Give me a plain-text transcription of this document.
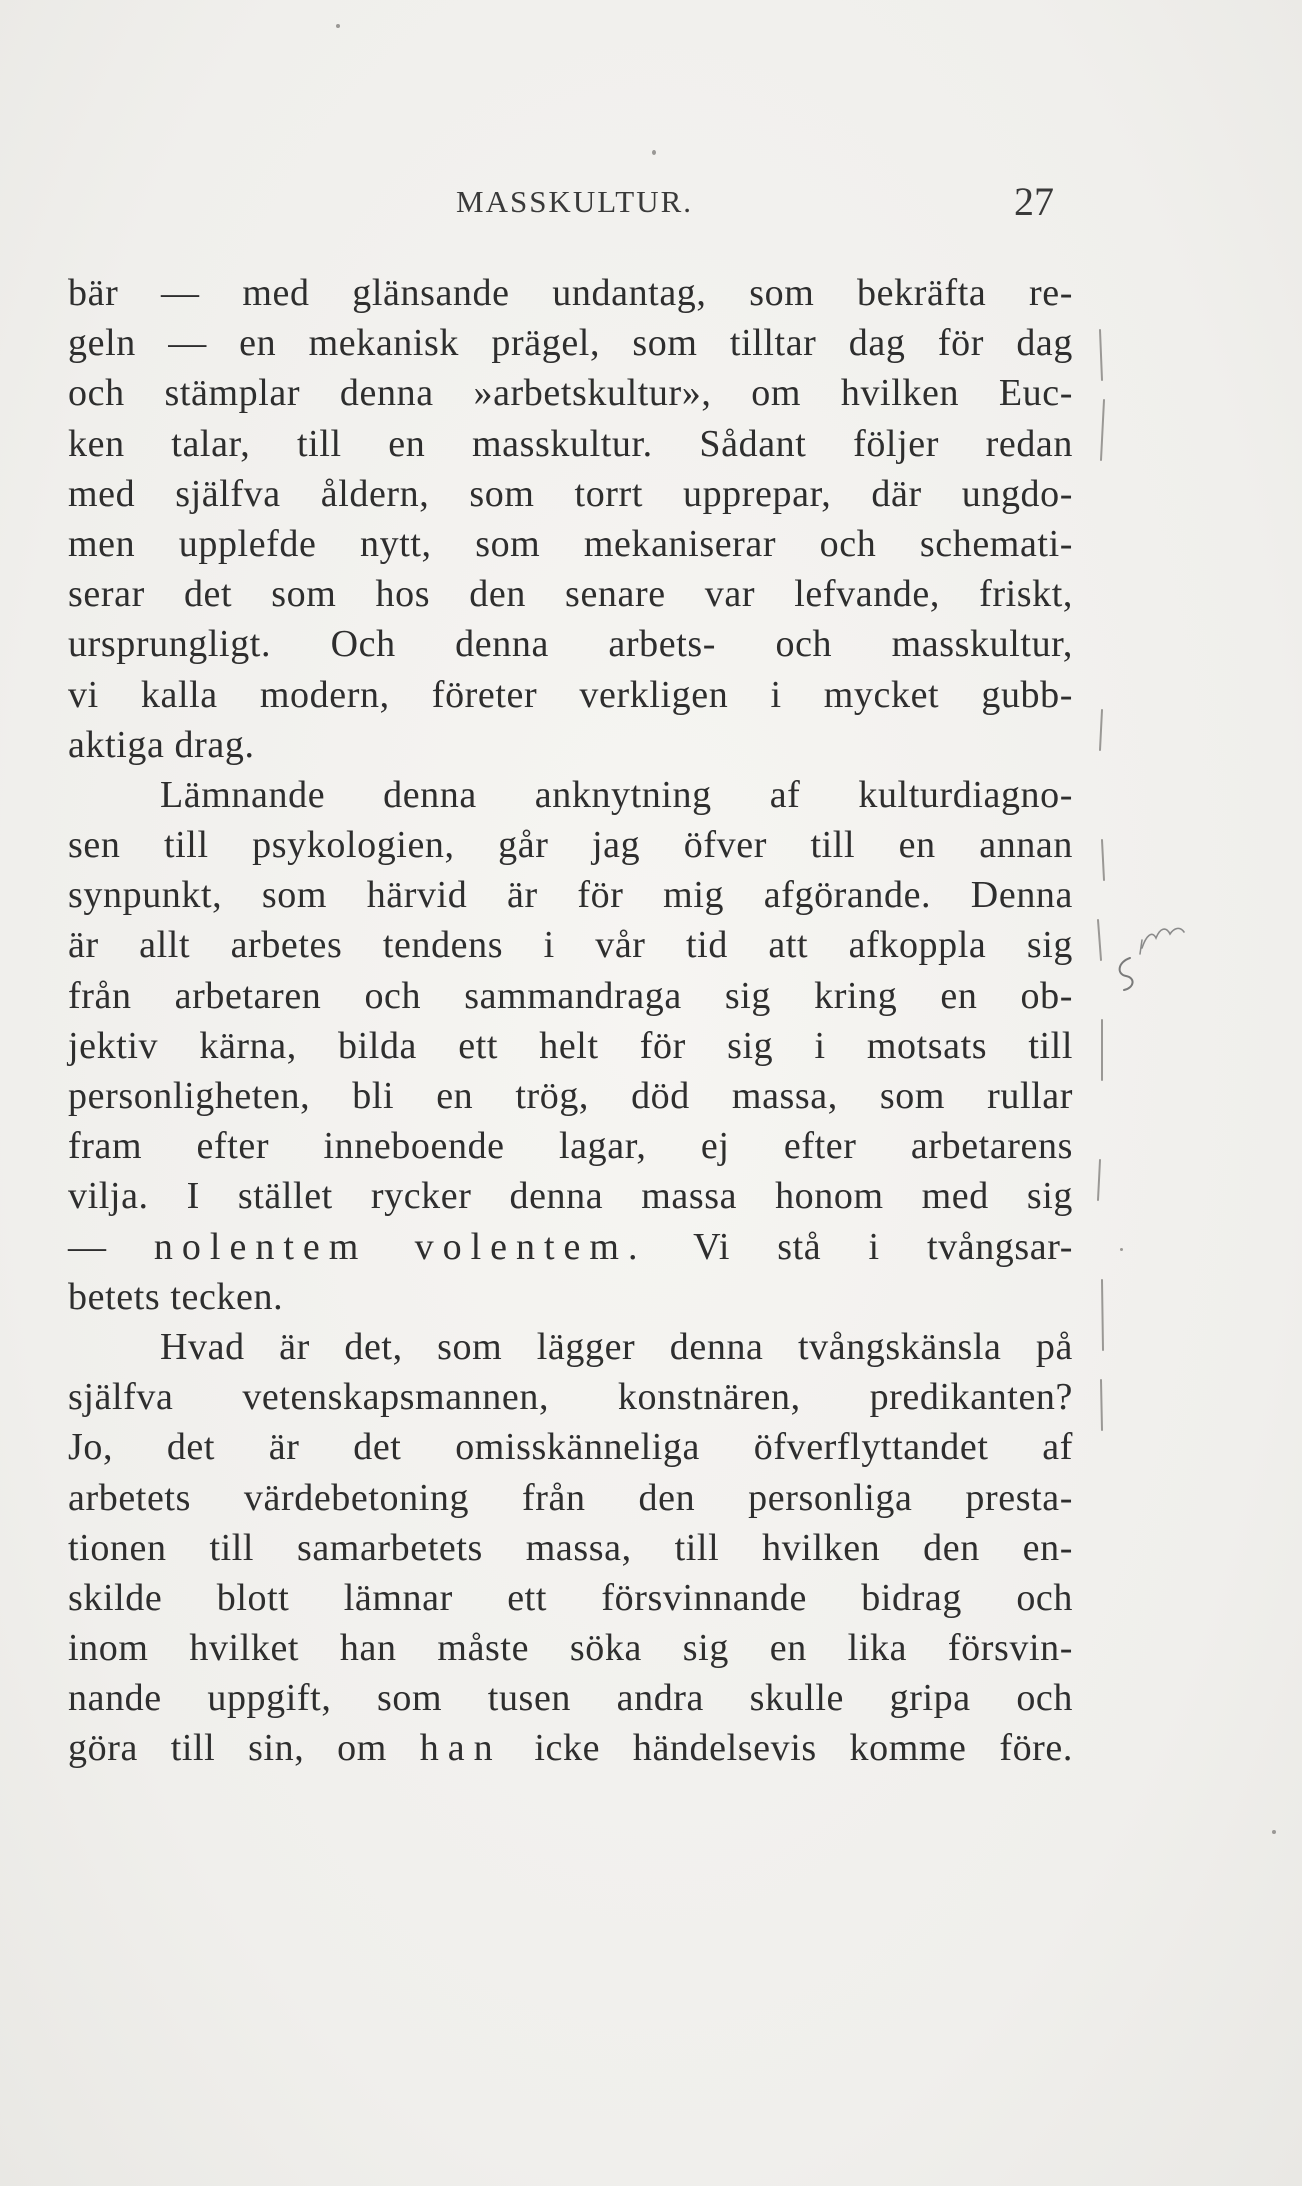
MASSKULTUR.	27
bär — med glänsande undantag, som bekräfta re-
geln — en mekanisk prägel, som tilltar dag för dag
och stämplar denna »arbetskultur», om hvilken Euc-
ken talar, till en masskultur. Sådant följer redan
med själfva åldern, som torrt upprepar, där ungdo-
men upplefde nytt, som mekaniserar och schemati-
serar det som hos den senare var lefvande, friskt,
ursprungligt. Och denna arbets- och masskultur,
vi kalla modern, företer verkligen i mycket gubb-
aktiga drag.
Lämnande denna anknytning af kulturdiagno-
sen till psykologien, går jag öfver till en annan
synpunkt, som härvid är för mig afgörande. Denna
är allt arbetes tendens i vår tid att afkoppla sig
från arbetaren och sammandraga sig kring en ob-
jektiv kärna, bilda ett helt för sig i motsats till
personligheten, bli en trög, död massa, som rullar
fram efter inneboende lagar, ej efter arbetarens
vilja. I stället rycker denna massa honom med sig
— nolentem volentem. Vi stå i tvångsar-
betets tecken.
Hvad är det, som lägger denna tvångskänsla på
själfva vetenskapsmannen, konstnären, predikanten?
Jo, det är det omisskänneliga öfverflyttandet af
arbetets värdebetoning från den personliga presta-
tionen till samarbetets massa, till hvilken den en-
skilde blott lämnar ett försvinnande bidrag och
inom hvilket han måste söka sig en lika försvin-
nande uppgift, som tusen andra skulle gripa och
göra till sin, om han icke händelsevis komme före.
